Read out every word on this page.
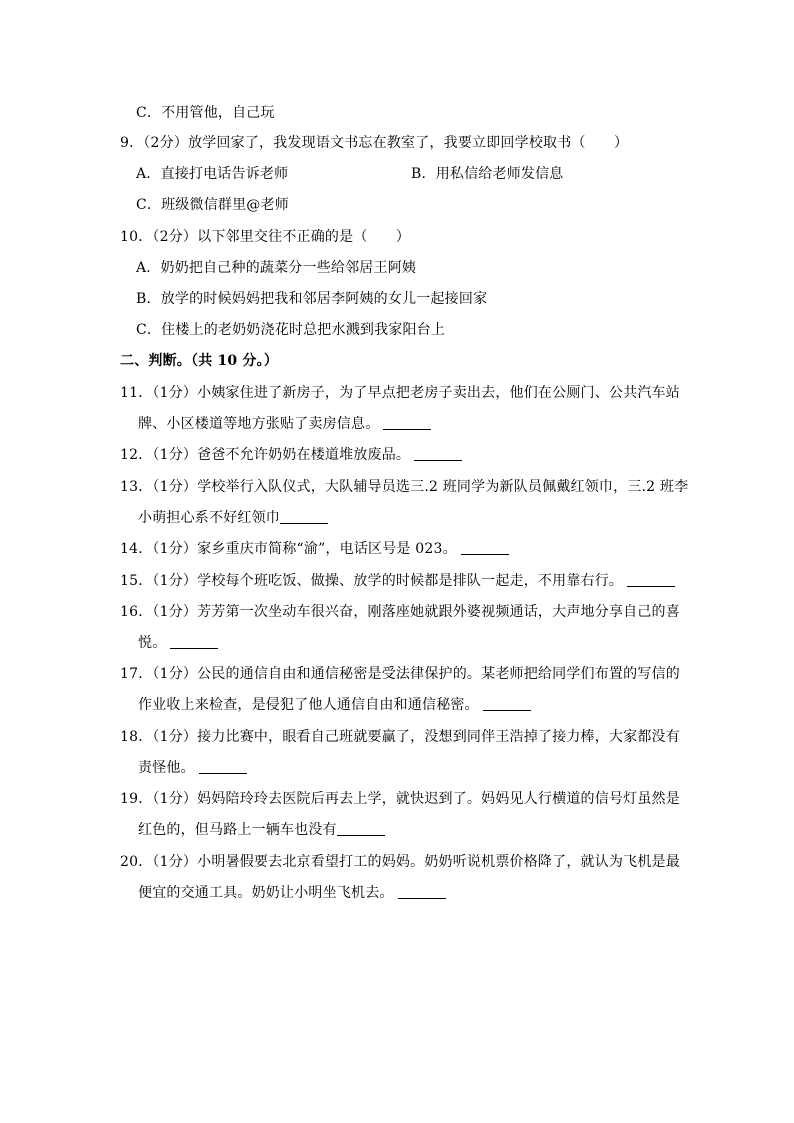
C．不用管他，自己玩
9．（2分）放学回家了，我发现语文书忘在教室了，我要立即回学校取书（　　）
A．直接打电话告诉老师	B．用私信给老师发信息
C．班级微信群里@老师
10．（2分）以下邻里交往不正确的是（　　）
A．奶奶把自己种的蔬菜分一些给邻居王阿姨
B．放学的时候妈妈把我和邻居李阿姨的女儿一起接回家
C．住楼上的老奶奶浇花时总把水溅到我家阳台上
二、判断。（共 10 分。）
11．（1分）小姨家住进了新房子，为了早点把老房子卖出去，他们在公厕门、公共汽车站
牌、小区楼道等地方张贴了卖房信息。
12．（1分）爸爸不允许奶奶在楼道堆放废品。
13．（1分）学校举行入队仪式，大队辅导员选三.2 班同学为新队员佩戴红领巾，三.2 班李
小萌担心系不好红领巾
14．（1分）家乡重庆市简称“渝”，电话区号是 023。
15．（1分）学校每个班吃饭、做操、放学的时候都是排队一起走，不用靠右行。
16．（1分）芳芳第一次坐动车很兴奋，刚落座她就跟外婆视频通话，大声地分享自己的喜
悦。
17．（1分）公民的通信自由和通信秘密是受法律保护的。某老师把给同学们布置的写信的
作业收上来检查，是侵犯了他人通信自由和通信秘密。
18．（1分）接力比赛中，眼看自己班就要赢了，没想到同伴王浩掉了接力棒，大家都没有
责怪他。
19．（1分）妈妈陪玲玲去医院后再去上学，就快迟到了。妈妈见人行横道的信号灯虽然是
红色的，但马路上一辆车也没有
20．（1分）小明暑假要去北京看望打工的妈妈。奶奶听说机票价格降了，就认为飞机是最
便宜的交通工具。奶奶让小明坐飞机去。
